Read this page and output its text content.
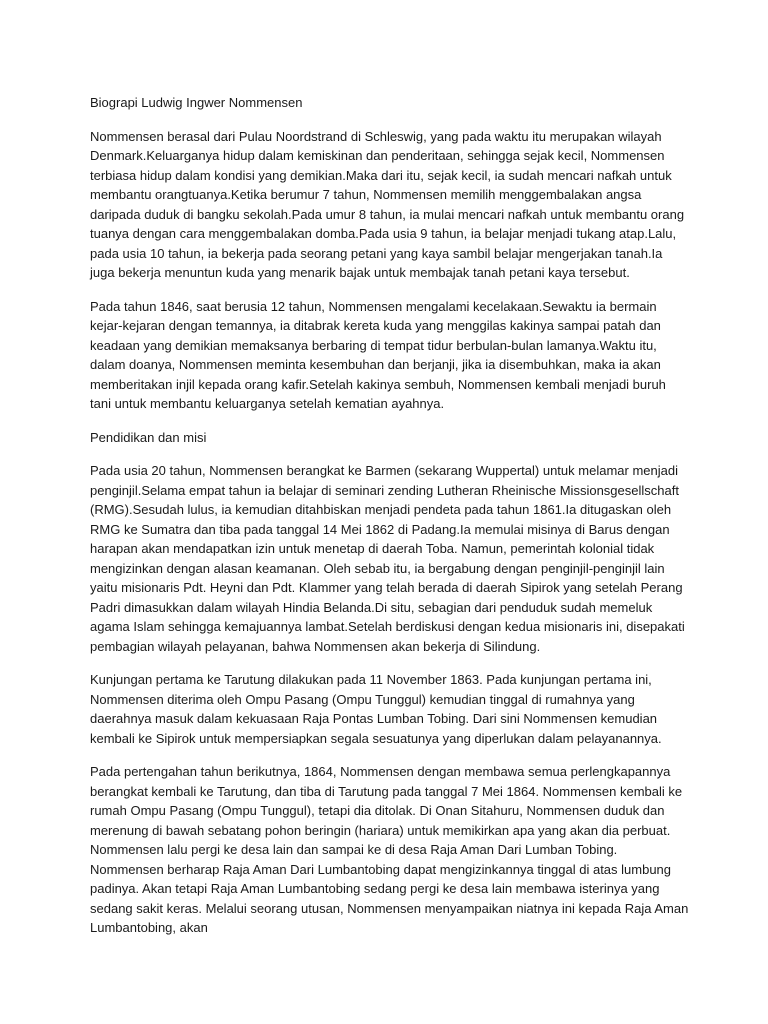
Biograpi Ludwig Ingwer Nommensen

Nommensen berasal dari Pulau Noordstrand di Schleswig, yang pada waktu itu merupakan wilayah Denmark.Keluarganya hidup dalam kemiskinan dan penderitaan, sehingga sejak kecil, Nommensen terbiasa hidup dalam kondisi yang demikian.Maka dari itu, sejak kecil, ia sudah mencari nafkah untuk membantu orangtuanya.Ketika berumur 7 tahun, Nommensen memilih menggembalakan angsa daripada duduk di bangku sekolah.Pada umur 8 tahun, ia mulai mencari nafkah untuk membantu orang tuanya dengan cara menggembalakan domba.Pada usia 9 tahun, ia belajar menjadi tukang atap.Lalu, pada usia 10 tahun, ia bekerja pada seorang petani yang kaya sambil belajar mengerjakan tanah.Ia juga bekerja menuntun kuda yang menarik bajak untuk membajak tanah petani kaya tersebut.

Pada tahun 1846, saat berusia 12 tahun, Nommensen mengalami kecelakaan.Sewaktu ia bermain kejar-kejaran dengan temannya, ia ditabrak kereta kuda yang menggilas kakinya sampai patah dan keadaan yang demikian memaksanya berbaring di tempat tidur berbulan-bulan lamanya.Waktu itu, dalam doanya, Nommensen meminta kesembuhan dan berjanji, jika ia disembuhkan, maka ia akan memberitakan injil kepada orang kafir.Setelah kakinya sembuh, Nommensen kembali menjadi buruh tani untuk membantu keluarganya setelah kematian ayahnya.

Pendidikan dan misi

Pada usia 20 tahun, Nommensen berangkat ke Barmen (sekarang Wuppertal) untuk melamar menjadi penginjil.Selama empat tahun ia belajar di seminari zending Lutheran Rheinische Missionsgesellschaft (RMG).Sesudah lulus, ia kemudian ditahbiskan menjadi pendeta pada tahun 1861.Ia ditugaskan oleh RMG ke Sumatra dan tiba pada tanggal 14 Mei 1862 di Padang.Ia memulai misinya di Barus dengan harapan akan mendapatkan izin untuk menetap di daerah Toba. Namun, pemerintah kolonial tidak mengizinkan dengan alasan keamanan. Oleh sebab itu, ia bergabung dengan penginjil-penginjil lain yaitu misionaris Pdt. Heyni dan Pdt. Klammer yang telah berada di daerah Sipirok yang setelah Perang Padri dimasukkan dalam wilayah Hindia Belanda.Di situ, sebagian dari penduduk sudah memeluk agama Islam sehingga kemajuannya lambat.Setelah berdiskusi dengan kedua misionaris ini, disepakati pembagian wilayah pelayanan, bahwa Nommensen akan bekerja di Silindung.

Kunjungan pertama ke Tarutung dilakukan pada 11 November 1863. Pada kunjungan pertama ini, Nommensen diterima oleh Ompu Pasang (Ompu Tunggul) kemudian tinggal di rumahnya yang daerahnya masuk dalam kekuasaan Raja Pontas Lumban Tobing. Dari sini Nommensen kemudian kembali ke Sipirok untuk mempersiapkan segala sesuatunya yang diperlukan dalam pelayanannya.

Pada pertengahan tahun berikutnya, 1864, Nommensen dengan membawa semua perlengkapannya berangkat kembali ke Tarutung, dan tiba di Tarutung pada tanggal 7 Mei 1864. Nommensen kembali ke rumah Ompu Pasang (Ompu Tunggul), tetapi dia ditolak. Di Onan Sitahuru, Nommensen duduk dan merenung di bawah sebatang pohon beringin (hariara) untuk memikirkan apa yang akan dia perbuat. Nommensen lalu pergi ke desa lain dan sampai ke di desa Raja Aman Dari Lumban Tobing. Nommensen berharap Raja Aman Dari Lumbantobing dapat mengizinkannya tinggal di atas lumbung padinya. Akan tetapi Raja Aman Lumbantobing sedang pergi ke desa lain membawa isterinya yang sedang sakit keras. Melalui seorang utusan, Nommensen menyampaikan niatnya ini kepada Raja Aman Lumbantobing, akan
